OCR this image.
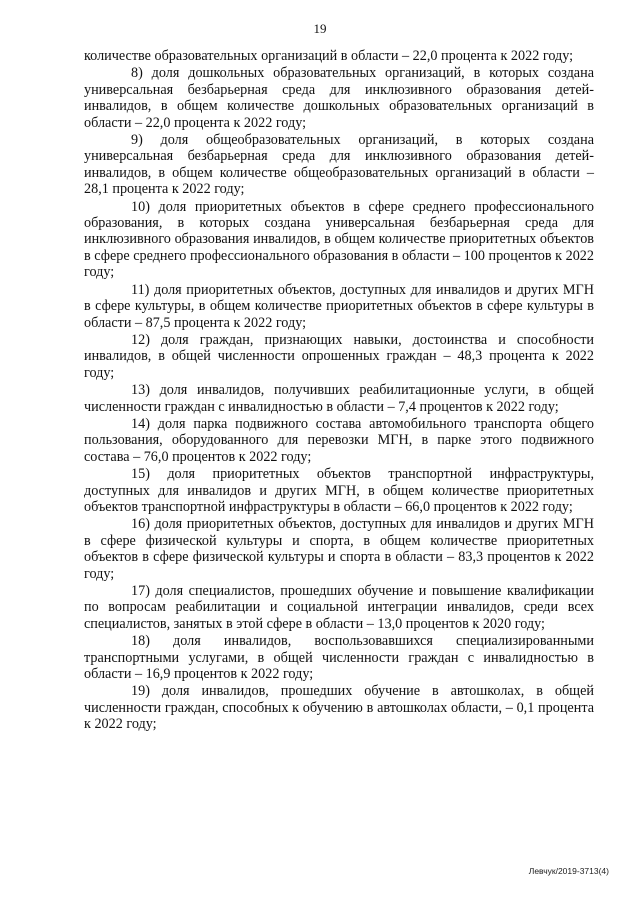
19

количестве образовательных организаций в области – 22,0 процента к 2022 году;

8) доля дошкольных образовательных организаций, в которых создана универсальная безбарьерная среда для инклюзивного образования детей-инвалидов, в общем количестве дошкольных образовательных организаций в области – 22,0 процента к 2022 году;

9) доля общеобразовательных организаций, в которых создана универсальная безбарьерная среда для инклюзивного образования детей-инвалидов, в общем количестве общеобразовательных организаций в области – 28,1 процента к 2022 году;

10) доля приоритетных объектов в сфере среднего профессионального образования, в которых создана универсальная безбарьерная среда для инклюзивного образования инвалидов, в общем количестве приоритетных объектов в сфере среднего профессионального образования в области – 100 процентов к 2022 году;

11) доля приоритетных объектов, доступных для инвалидов и других МГН в сфере культуры, в общем количестве приоритетных объектов в сфере культуры в области – 87,5 процента к 2022 году;

12) доля граждан, признающих навыки, достоинства и способности инвалидов, в общей численности опрошенных граждан – 48,3 процента к 2022 году;

13) доля инвалидов, получивших реабилитационные услуги, в общей численности граждан с инвалидностью в области – 7,4 процентов к 2022 году;

14) доля парка подвижного состава автомобильного транспорта общего пользования, оборудованного для перевозки МГН, в парке этого подвижного состава – 76,0 процентов к 2022 году;

15) доля приоритетных объектов транспортной инфраструктуры, доступных для инвалидов и других МГН, в общем количестве приоритетных объектов транспортной инфраструктуры в области – 66,0 процентов к 2022 году;

16) доля приоритетных объектов, доступных для инвалидов и других МГН в сфере физической культуры и спорта, в общем количестве приоритетных объектов в сфере физической культуры и спорта в области – 83,3 процентов к 2022 году;

17) доля специалистов, прошедших обучение и повышение квалификации по вопросам реабилитации и социальной интеграции инвалидов, среди всех специалистов, занятых в этой сфере в области – 13,0 процентов к 2020 году;

18) доля инвалидов, воспользовавшихся специализированными транспортными услугами, в общей численности граждан с инвалидностью в области – 16,9 процентов к 2022 году;

19) доля инвалидов, прошедших обучение в автошколах, в общей численности граждан, способных к обучению в автошколах области, – 0,1 процента к 2022 году;

Левчук/2019-3713(4)
